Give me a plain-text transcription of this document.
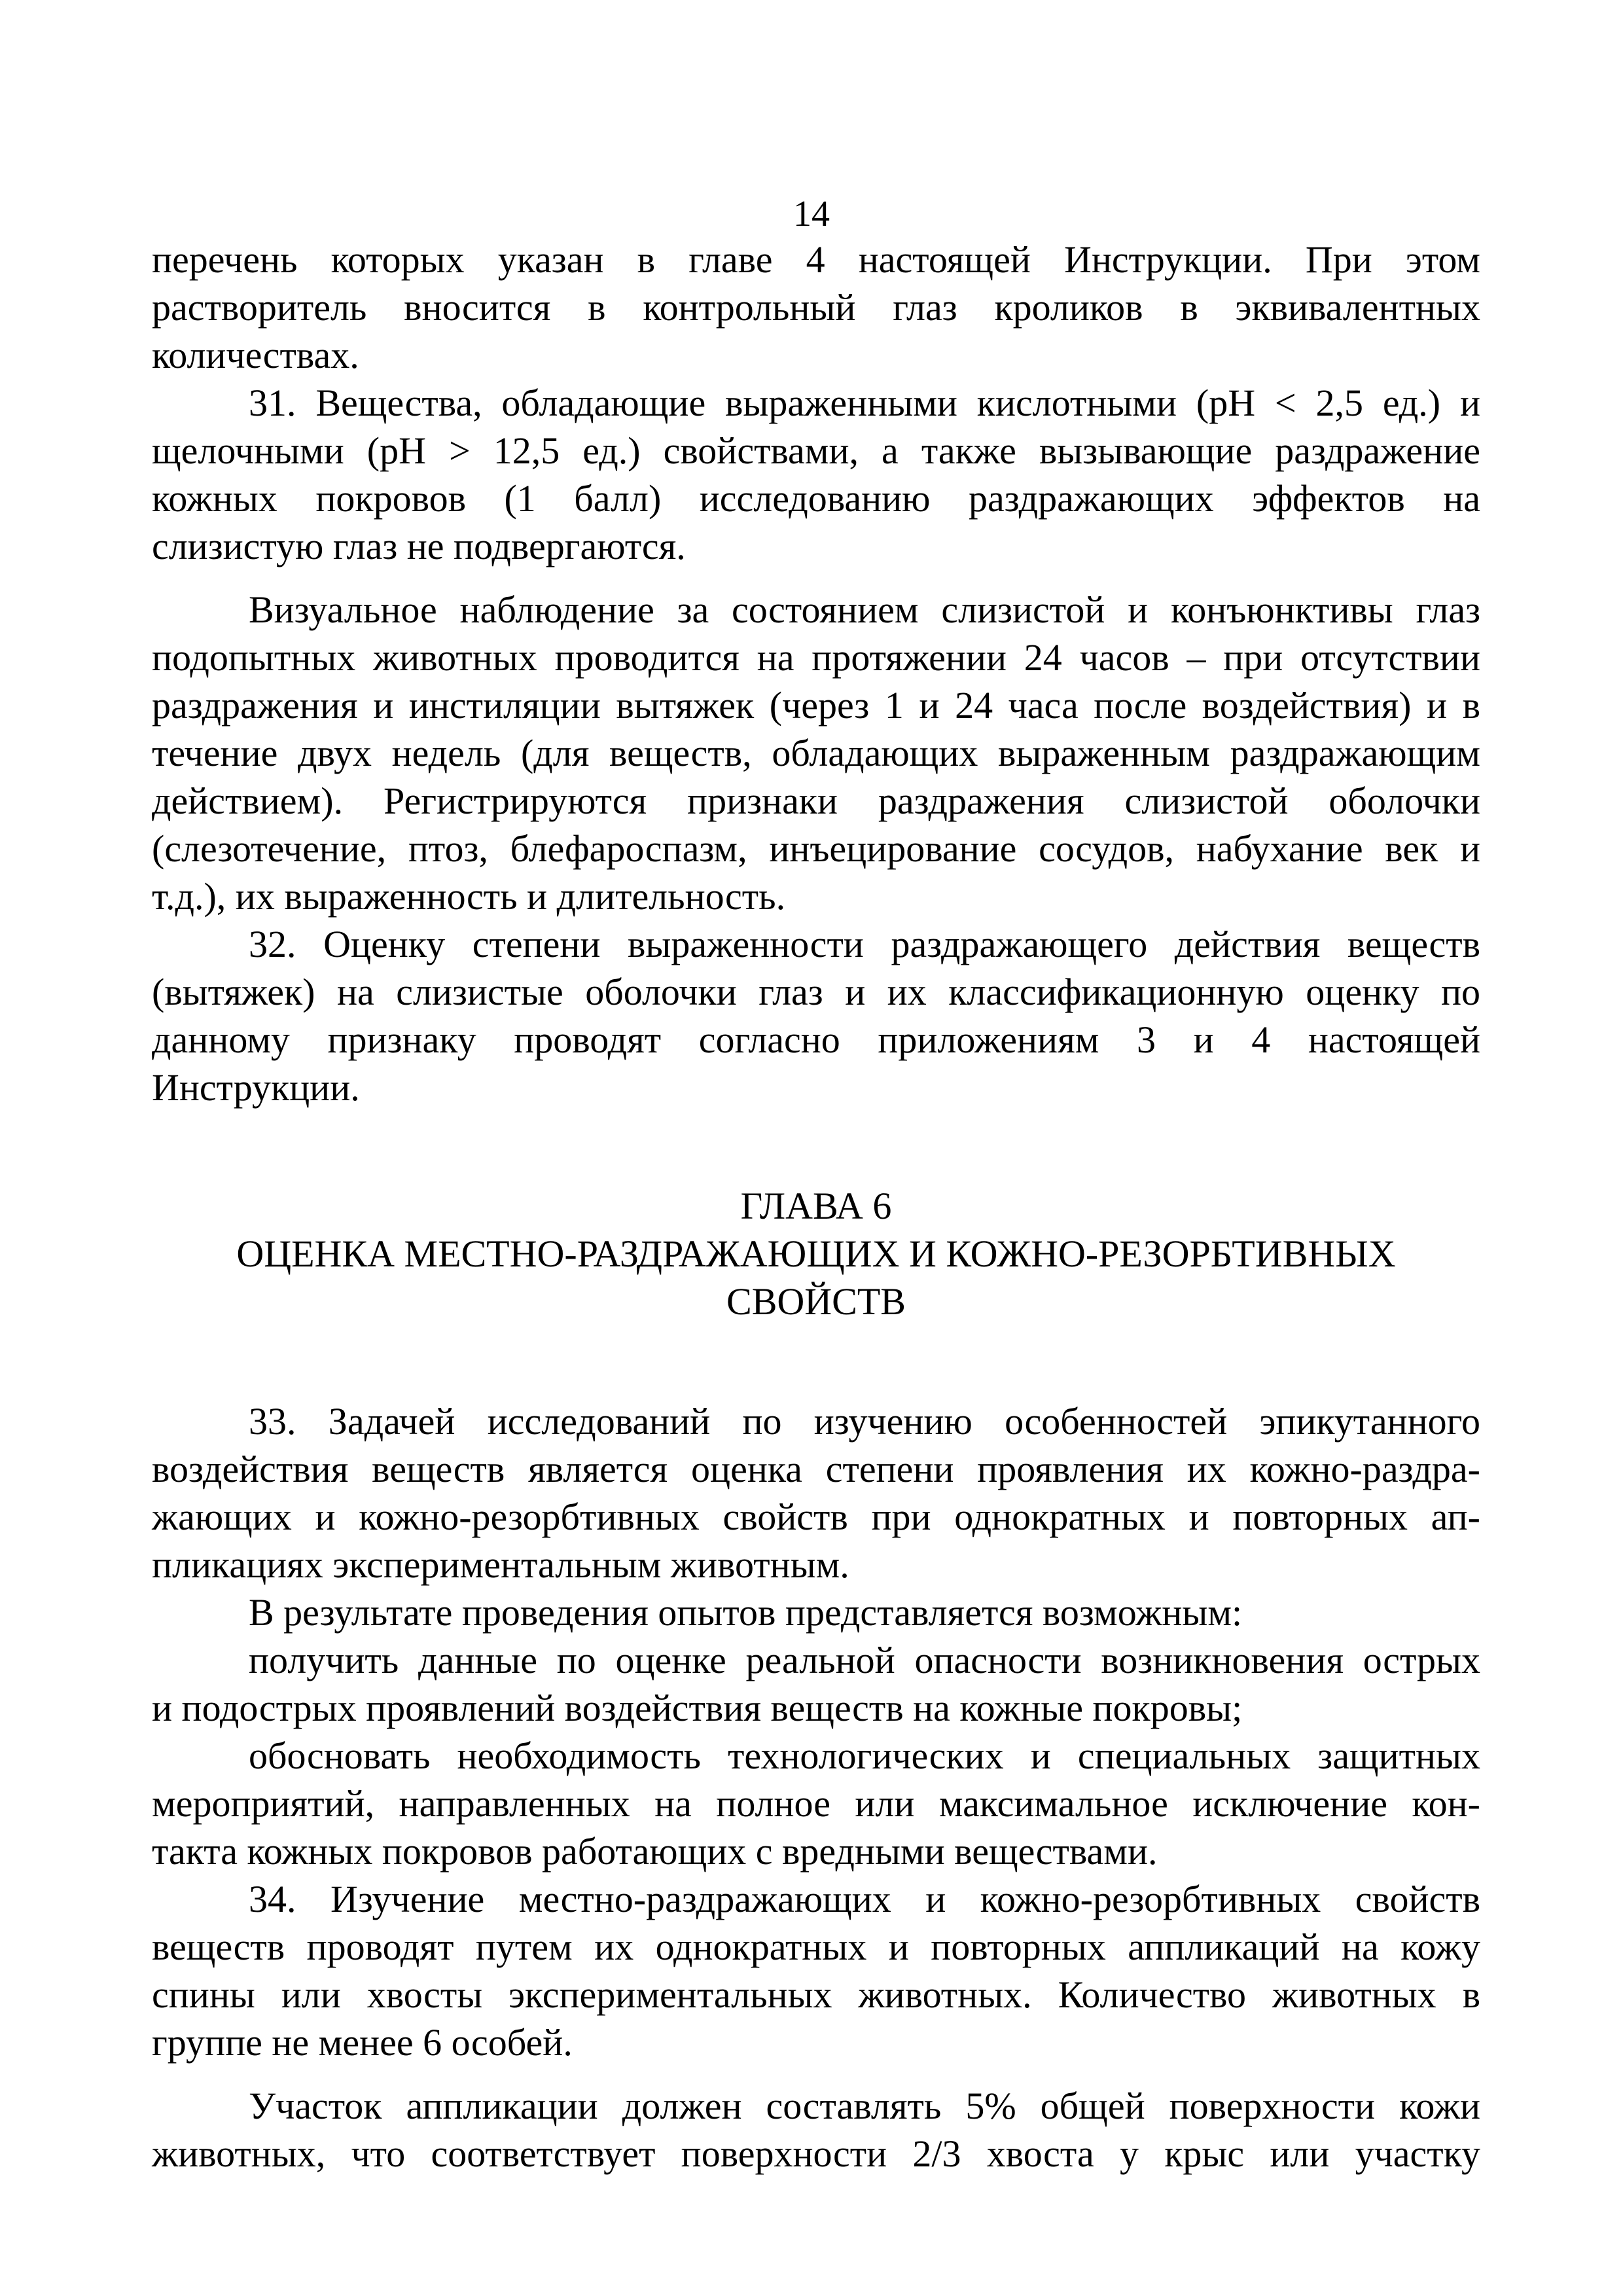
14

перечень которых указан в главе 4 настоящей Инструкции. При этом

растворитель вносится в контрольный глаз кроликов в эквивалентных

количествах.

31. Вещества, обладающие выраженными кислотными (pH < 2,5 ед.) и

щелочными (pH > 12,5 ед.) свойствами, а также вызывающие раздражение

кожных покровов (1 балл) исследованию раздражающих эффектов на

слизистую глаз не подвергаются.

Визуальное наблюдение за состоянием слизистой и конъюнктивы глаз

подопытных животных проводится на протяжении 24 часов – при отсутствии

раздражения и инстиляции вытяжек (через 1 и 24 часа после воздействия) и в

течение двух недель (для веществ, обладающих выраженным раздражающим

действием). Регистрируются признаки раздражения слизистой оболочки

(слезотечение, птоз, блефароспазм, инъецирование сосудов, набухание век и

т.д.), их выраженность и длительность.

32. Оценку степени выраженности раздражающего действия веществ

(вытяжек) на слизистые оболочки глаз и их классификационную оценку по

данному признаку проводят согласно приложениям 3 и 4 настоящей

Инструкции.

ГЛАВА 6
ОЦЕНКА МЕСТНО-РАЗДРАЖАЮЩИХ И КОЖНО-РЕЗОРБТИВНЫХ
СВОЙСТВ

33. Задачей исследований по изучению особенностей эпикутанного

воздействия веществ является оценка степени проявления их кожно-раздра-

жающих и кожно-резорбтивных свойств при однократных и повторных ап-

пликациях экспериментальным животным.

В результате проведения опытов представляется возможным:

получить данные по оценке реальной опасности возникновения острых

и подострых проявлений воздействия веществ на кожные покровы;

обосновать необходимость технологических и специальных защитных

мероприятий, направленных на полное или максимальное исключение кон-

такта кожных покровов работающих с вредными веществами.

34. Изучение местно-раздражающих и кожно-резорбтивных свойств

веществ проводят путем их однократных и повторных аппликаций на кожу

спины или хвосты экспериментальных животных. Количество животных в

группе не менее 6 особей.

Участок аппликации должен составлять 5% общей поверхности кожи

животных, что соответствует поверхности 2/3 хвоста у крыс или участку
